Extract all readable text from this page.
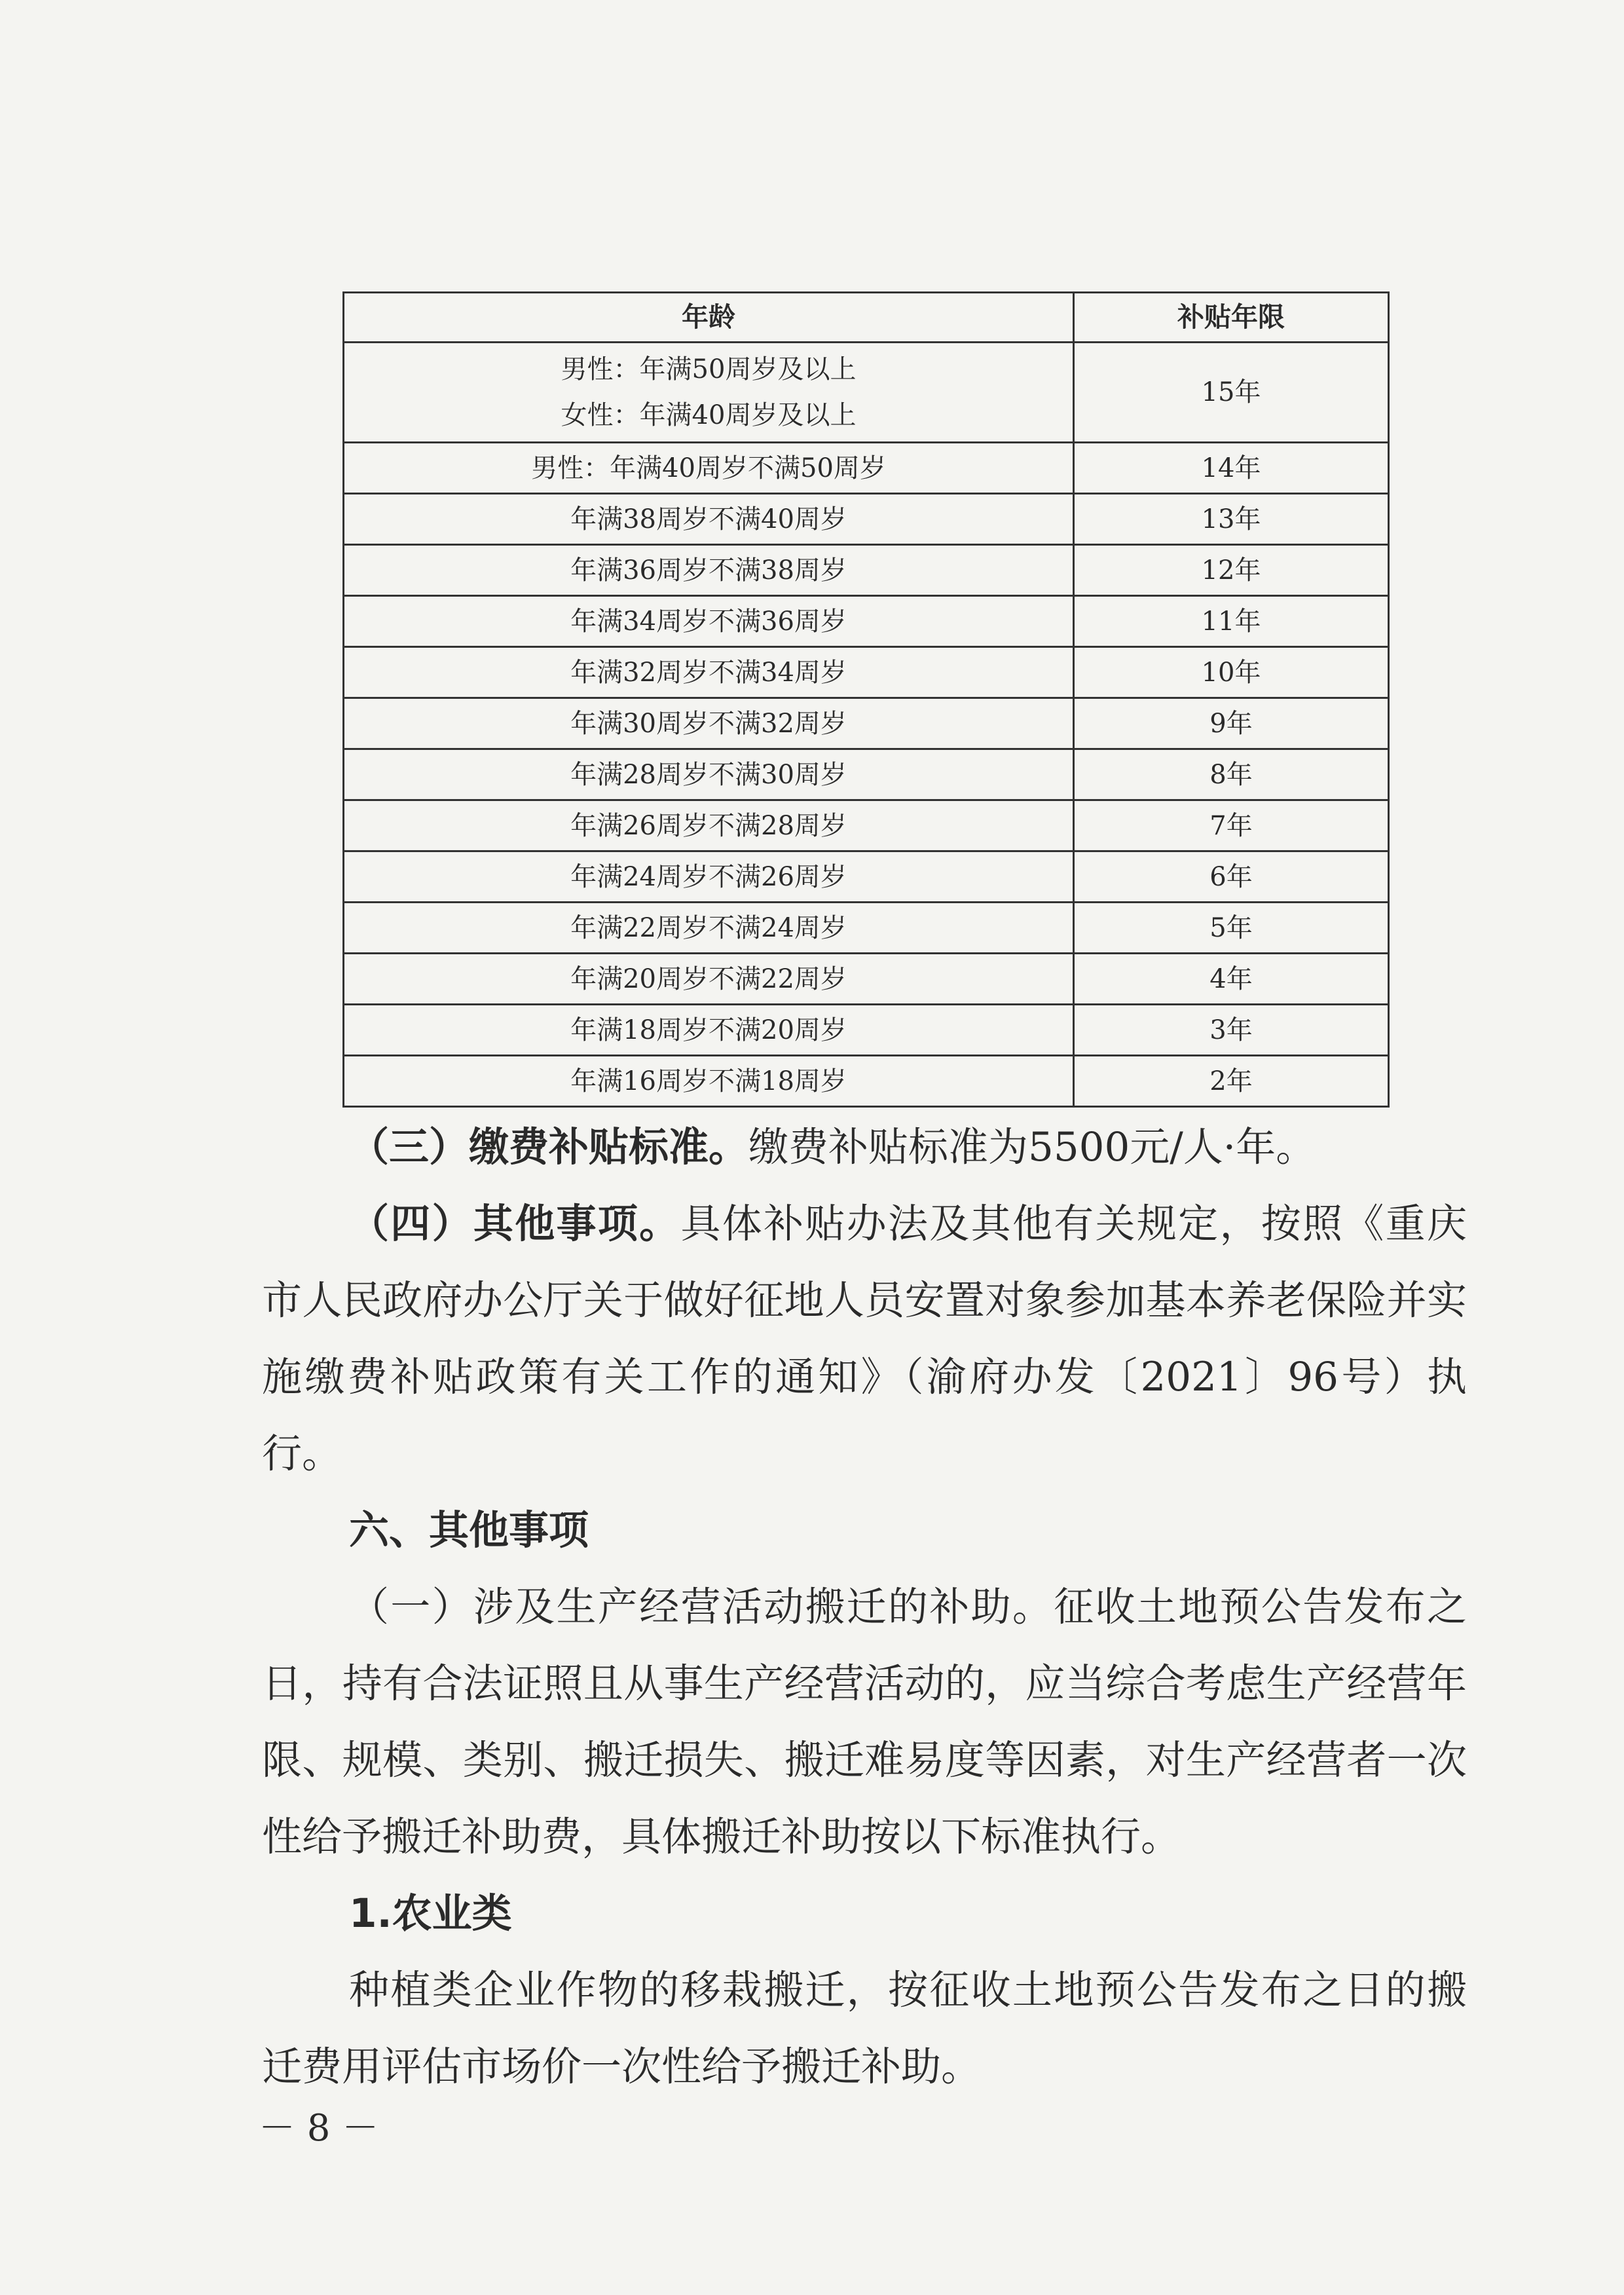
年龄	补贴年限

男性：年满50周岁及以上
女性：年满40周岁及以上	15年

男性：年满40周岁不满50周岁	14年

年满38周岁不满40周岁	13年

年满36周岁不满38周岁	12年

年满34周岁不满36周岁	11年

年满32周岁不满34周岁	10年

年满30周岁不满32周岁	9年

年满28周岁不满30周岁	8年

年满26周岁不满28周岁	7年

年满24周岁不满26周岁	6年

年满22周岁不满24周岁	5年

年满20周岁不满22周岁	4年

年满18周岁不满20周岁	3年

年满16周岁不满18周岁	2年
（三）缴费补贴标准。缴费补贴标准为5500元/人·年。
（四）其他事项。具体补贴办法及其他有关规定，按照《重庆市人民政府办公厅关于做好征地人员安置对象参加基本养老保险并实施缴费补贴政策有关工作的通知》（渝府办发〔2021〕96号）执行。
六、其他事项
（一）涉及生产经营活动搬迁的补助。征收土地预公告发布之日，持有合法证照且从事生产经营活动的，应当综合考虑生产经营年限、规模、类别、搬迁损失、搬迁难易度等因素，对生产经营者一次性给予搬迁补助费，具体搬迁补助按以下标准执行。
1.农业类
种植类企业作物的移栽搬迁，按征收土地预公告发布之日的搬迁费用评估市场价一次性给予搬迁补助。
－ 8 －
